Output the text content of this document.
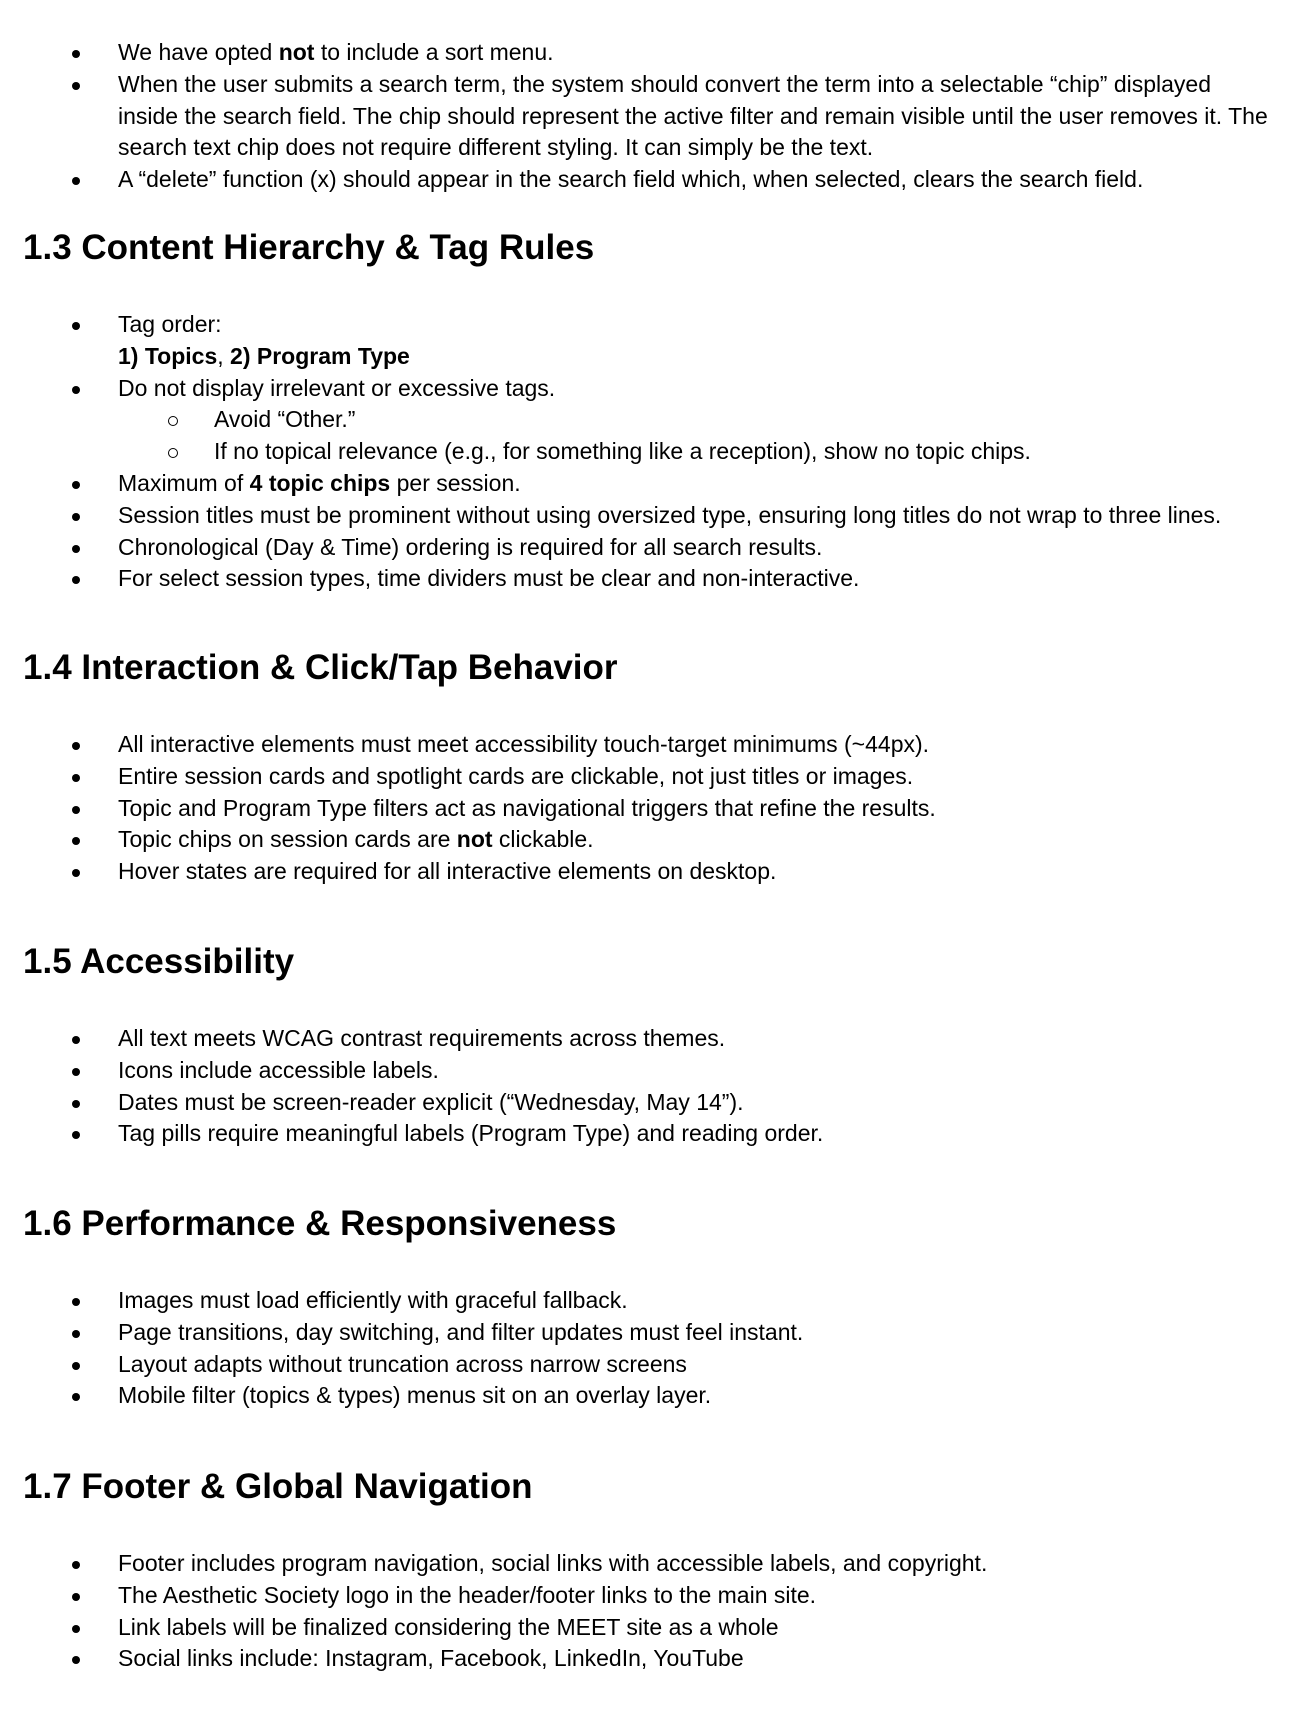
We have opted not to include a sort menu.
When the user submits a search term, the system should convert the term into a selectable “chip” displayed inside the search field. The chip should represent the active filter and remain visible until the user removes it. The search text chip does not require different styling. It can simply be the text.
A “delete” function (x) should appear in the search field which, when selected, clears the search field.
1.3 Content Hierarchy & Tag Rules
Tag order:
1) Topics, 2) Program Type
Do not display irrelevant or excessive tags.
Avoid “Other.”
If no topical relevance (e.g., for something like a reception), show no topic chips.
Maximum of 4 topic chips per session.
Session titles must be prominent without using oversized type, ensuring long titles do not wrap to three lines.
Chronological (Day & Time) ordering is required for all search results.
For select session types, time dividers must be clear and non-interactive.
1.4 Interaction & Click/Tap Behavior
All interactive elements must meet accessibility touch-target minimums (~44px).
Entire session cards and spotlight cards are clickable, not just titles or images.
Topic and Program Type filters act as navigational triggers that refine the results.
Topic chips on session cards are not clickable.
Hover states are required for all interactive elements on desktop.
1.5 Accessibility
All text meets WCAG contrast requirements across themes.
Icons include accessible labels.
Dates must be screen-reader explicit (“Wednesday, May 14”).
Tag pills require meaningful labels (Program Type) and reading order.
1.6 Performance & Responsiveness
Images must load efficiently with graceful fallback.
Page transitions, day switching, and filter updates must feel instant.
Layout adapts without truncation across narrow screens
Mobile filter (topics & types) menus sit on an overlay layer.
1.7 Footer & Global Navigation
Footer includes program navigation, social links with accessible labels, and copyright.
The Aesthetic Society logo in the header/footer links to the main site.
Link labels will be finalized considering the MEET site as a whole
Social links include: Instagram, Facebook, LinkedIn, YouTube
